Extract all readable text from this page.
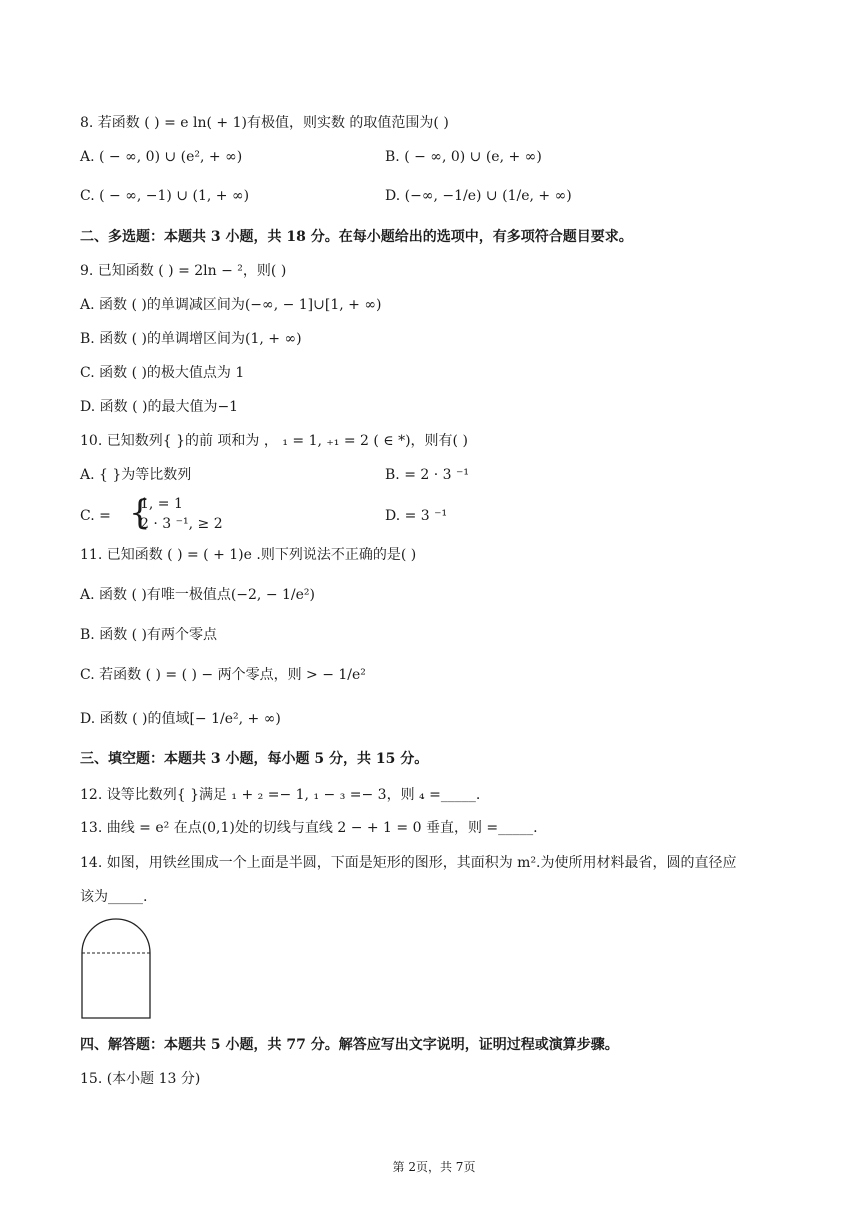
8. 若函数 ( ) = e ln( + 1)有极值，则实数 的取值范围为( )
A. ( − ∞, 0) ∪ (e², + ∞)	B. ( − ∞, 0) ∪ (e, + ∞)
C. ( − ∞, −1) ∪ (1, + ∞)	D. (−∞, −1/e) ∪ (1/e, + ∞)
二、多选题：本题共 3 小题，共 18 分。在每小题给出的选项中，有多项符合题目要求。
9. 已知函数 ( ) = 2ln − ²，则( )
A. 函数 ( )的单调减区间为(−∞, − 1]∪[1, + ∞)
B. 函数 ( )的单调增区间为(1, + ∞)
C. 函数 ( )的极大值点为 1
D. 函数 ( )的最大值为−1
10. 已知数列{ }的前 项和为 ， ₁ = 1, ₊₁ = 2 ( ∈ *)，则有( )
A. { }为等比数列	B. = 2 · 3 ⁻¹
C. = {
1, = 1
2 · 3 ⁻¹, ≥ 2	D. = 3 ⁻¹
11. 已知函数 ( ) = ( + 1)e .则下列说法不正确的是( )
A. 函数 ( )有唯一极值点(−2, − 1/e²)
B. 函数 ( )有两个零点
C. 若函数 ( ) = ( ) − 两个零点，则 > − 1/e²
D. 函数 ( )的值域[− 1/e², + ∞)
三、填空题：本题共 3 小题，每小题 5 分，共 15 分。
12. 设等比数列{ }满足 ₁ + ₂ =− 1, ₁ − ₃ =− 3，则 ₄ =_____.
13. 曲线 = e² 在点(0,1)处的切线与直线 2 − + 1 = 0 垂直，则 =_____.
14. 如图，用铁丝围成一个上面是半圆，下面是矩形的图形，其面积为 m².为使所用材料最省，圆的直径应
该为_____.
四、解答题：本题共 5 小题，共 77 分。解答应写出文字说明，证明过程或演算步骤。
15. (本小题 13 分)
第 2页，共 7页
